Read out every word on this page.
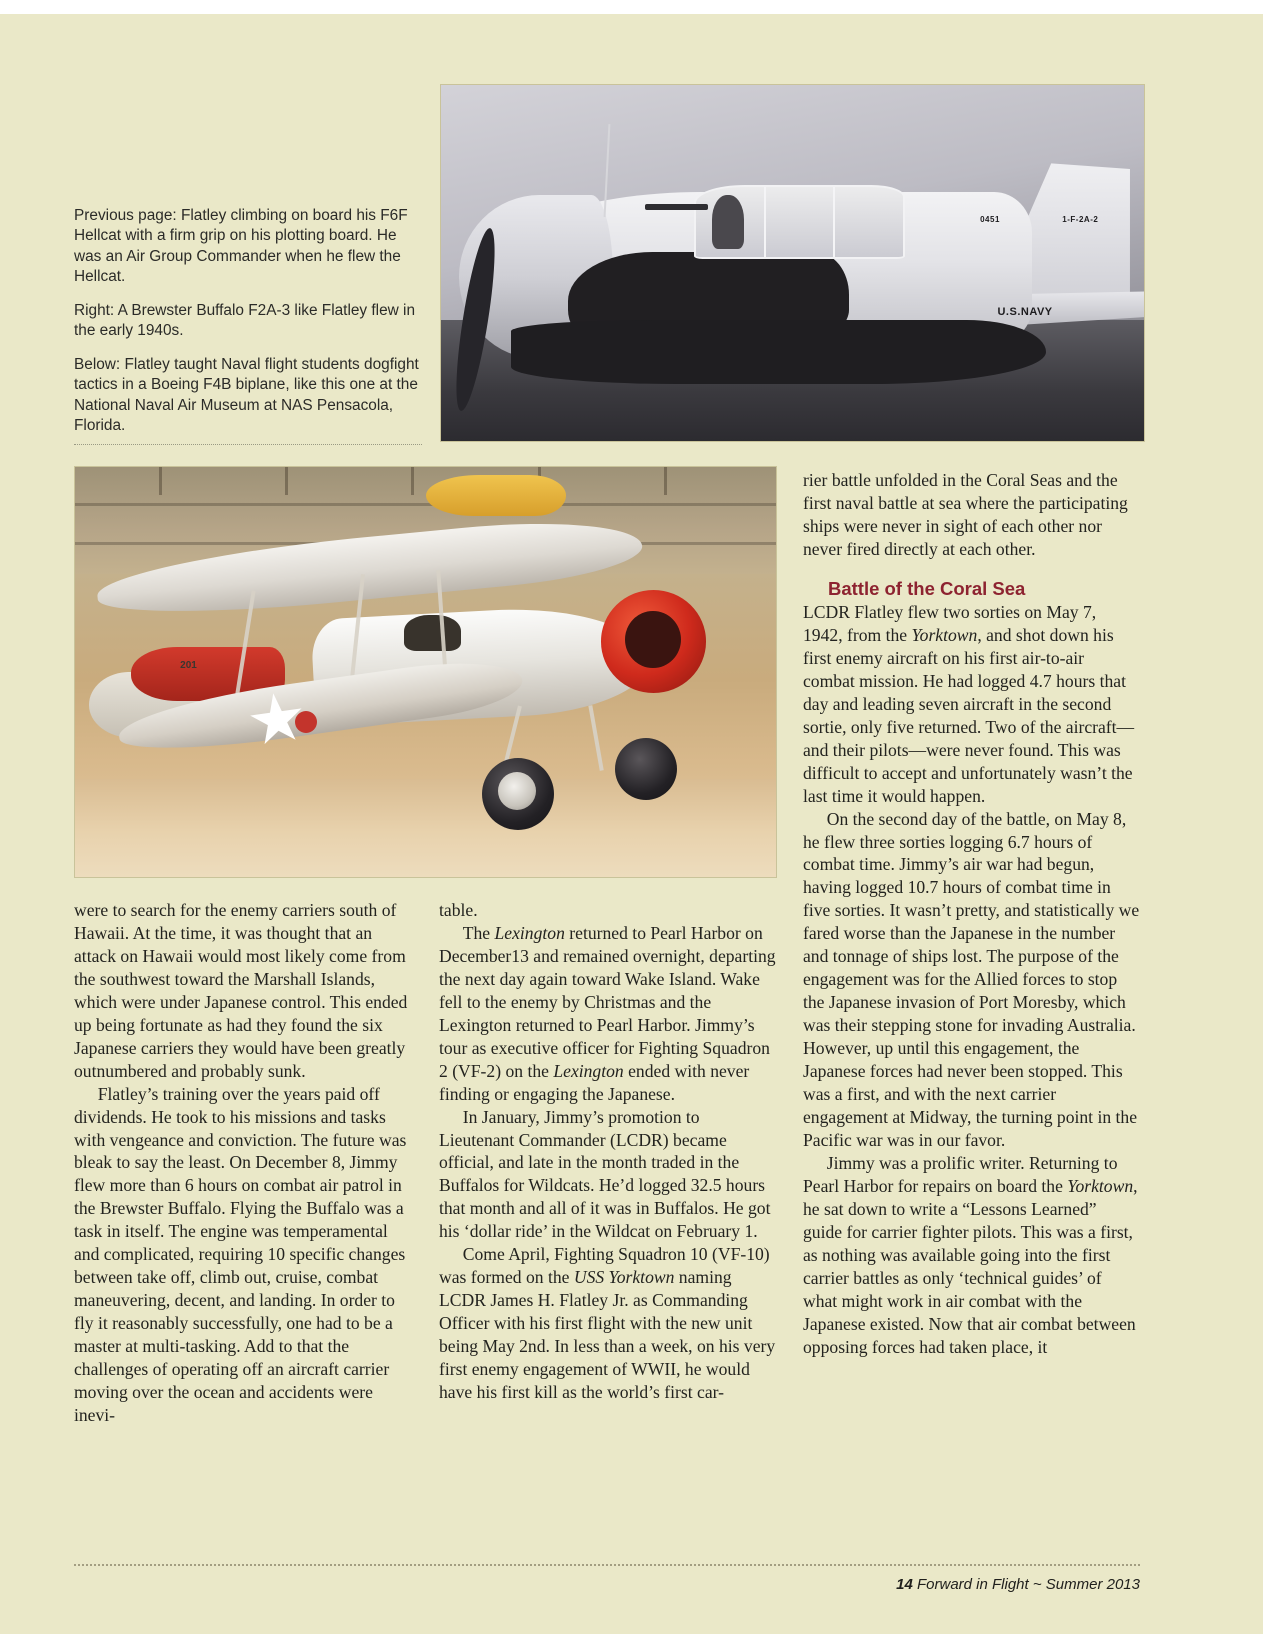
Previous page: Flatley climbing on board his F6F Hellcat with a firm grip on his plotting board. He was an Air Group Commander when he flew the Hellcat.

Right: A Brewster Buffalo F2A-3 like Flatley flew in the early 1940s.

Below: Flatley taught Naval flight students dogfight tactics in a Boeing F4B biplane, like this one at the National Naval Air Museum at NAS Pensacola, Florida.

U.S.NAVY
0451	1-F-2A-2
201

were to search for the enemy carriers south of Hawaii. At the time, it was thought that an attack on Hawaii would most likely come from the southwest toward the Marshall Islands, which were under Japanese control. This ended up being fortunate as had they found the six Japanese carriers they would have been greatly outnumbered and probably sunk.

Flatley’s training over the years paid off dividends. He took to his missions and tasks with vengeance and conviction. The future was bleak to say the least. On December 8, Jimmy flew more than 6 hours on combat air patrol in the Brewster Buffalo. Flying the Buffalo was a task in itself. The engine was temperamental and complicated, requiring 10 specific changes between take off, climb out, cruise, combat maneuvering, decent, and landing. In order to fly it reasonably successfully, one had to be a master at multi-tasking. Add to that the challenges of operating off an aircraft carrier moving over the ocean and accidents were inevi-

table.

The Lexington returned to Pearl Harbor on December13 and remained overnight, departing the next day again toward Wake Island. Wake fell to the enemy by Christmas and the Lexington returned to Pearl Harbor. Jimmy’s tour as executive officer for Fighting Squadron 2 (VF-2) on the Lexington ended with never finding or engaging the Japanese.

In January, Jimmy’s promotion to Lieutenant Commander (LCDR) became official, and late in the month traded in the Buffalos for Wildcats. He’d logged 32.5 hours that month and all of it was in Buffalos. He got his ‘dollar ride’ in the Wildcat on February 1.

Come April, Fighting Squadron 10 (VF-10) was formed on the USS Yorktown naming LCDR James H. Flatley Jr. as Commanding Officer with his first flight with the new unit being May 2nd. In less than a week, on his very first enemy engagement of WWII, he would have his first kill as the world’s first car-

rier battle unfolded in the Coral Seas and the first naval battle at sea where the participating ships were never in sight of each other nor never fired directly at each other.

Battle of the Coral Sea

LCDR Flatley flew two sorties on May 7, 1942, from the Yorktown, and shot down his first enemy aircraft on his first air-to-air combat mission. He had logged 4.7 hours that day and leading seven aircraft in the second sortie, only five returned. Two of the aircraft—and their pilots—were never found. This was difficult to accept and unfortunately wasn’t the last time it would happen.

On the second day of the battle, on May 8, he flew three sorties logging 6.7 hours of combat time. Jimmy’s air war had begun, having logged 10.7 hours of combat time in five sorties. It wasn’t pretty, and statistically we fared worse than the Japanese in the number and tonnage of ships lost. The purpose of the engagement was for the Allied forces to stop the Japanese invasion of Port Moresby, which was their stepping stone for invading Australia. However, up until this engagement, the Japanese forces had never been stopped. This was a first, and with the next carrier engagement at Midway, the turning point in the Pacific war was in our favor.

Jimmy was a prolific writer. Returning to Pearl Harbor for repairs on board the Yorktown, he sat down to write a “Lessons Learned” guide for carrier fighter pilots. This was a first, as nothing was available going into the first carrier battles as only ‘technical guides’ of what might work in air combat with the Japanese existed. Now that air combat between opposing forces had taken place, it

14 Forward in Flight ~ Summer 2013
